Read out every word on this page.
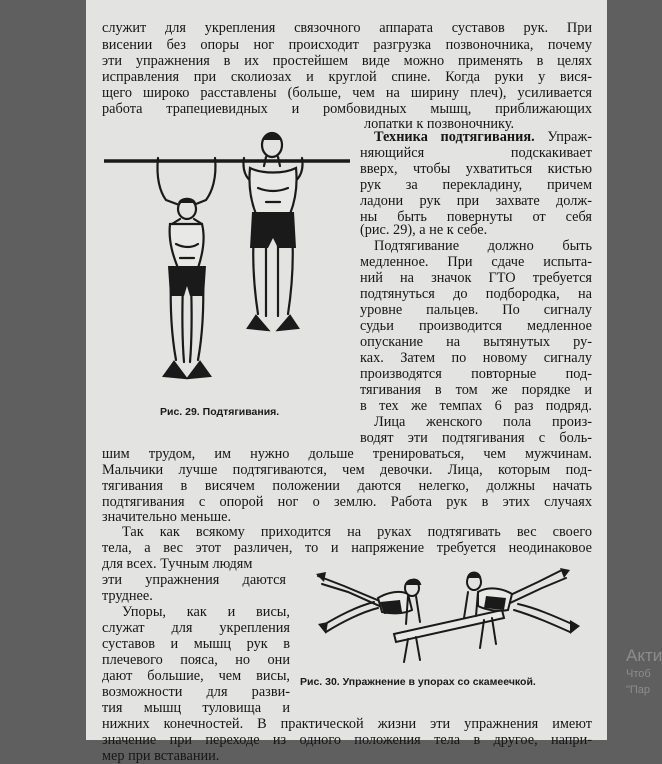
служит для укрепления связочного аппарата суставов рук. При

висении без опоры ног происходит разгрузка позвоночника, почему

эти упражнения в их простейшем виде можно применять в целях

исправления при сколиозах и круглой спине. Когда руки у вися-

щего широко расставлены (больше, чем на ширину плеч), усиливается

работа трапециевидных и ромбовидных мышц, приближающих

лопатки к позвоночнику.

Техника подтягивания. Упраж-

няющийся	подскакивает

вверх, чтобы ухватиться кистью

рук за перекладину, причем

ладони рук при захвате долж-

ны быть повернуты от себя

(рис. 29), а не к себе.

Подтягивание должно быть

медленное. При сдаче испыта-

ний на значок ГТО требуется

подтянуться до подбородка, на

уровне пальцев. По сигналу

судьи производится медленное

опускание на вытянутых ру-

ках. Затем по новому сигналу

производятся повторные под-

тягивания в том же порядке и

в тех же темпах 6 раз подряд.

Лица женского пола произ-

водят эти подтягивания с боль-

шим трудом, им нужно дольше тренироваться, чем мужчинам.

Мальчики лучше подтягиваются, чем девочки. Лица, которым под-

тягивания в висячем положении даются нелегко, должны начать

подтягивания с опорой ног о землю. Работа рук в этих случаях

значительно меньше.

Так как всякому приходится на руках подтягивать вес своего

тела, а вес этот различен, то и напряжение требуется неодинаковое

для всех. Тучным людям

эти упражнения даются

труднее.

Упоры, как и висы,

служат для укрепления

суставов и мышц рук в

плечевого пояса, но они

дают большие, чем висы,

возможности для разви-

тия мышц туловища и

нижних конечностей. В практической жизни эти упражнения имеют

значение при переходе из одного положения тела в другое, напри-

мер при вставании.

Рис. 29. Подтягивания.

Рис. 30. Упражнение в упорах со скамеечкой.

Акти
Чтоб
"Пар
